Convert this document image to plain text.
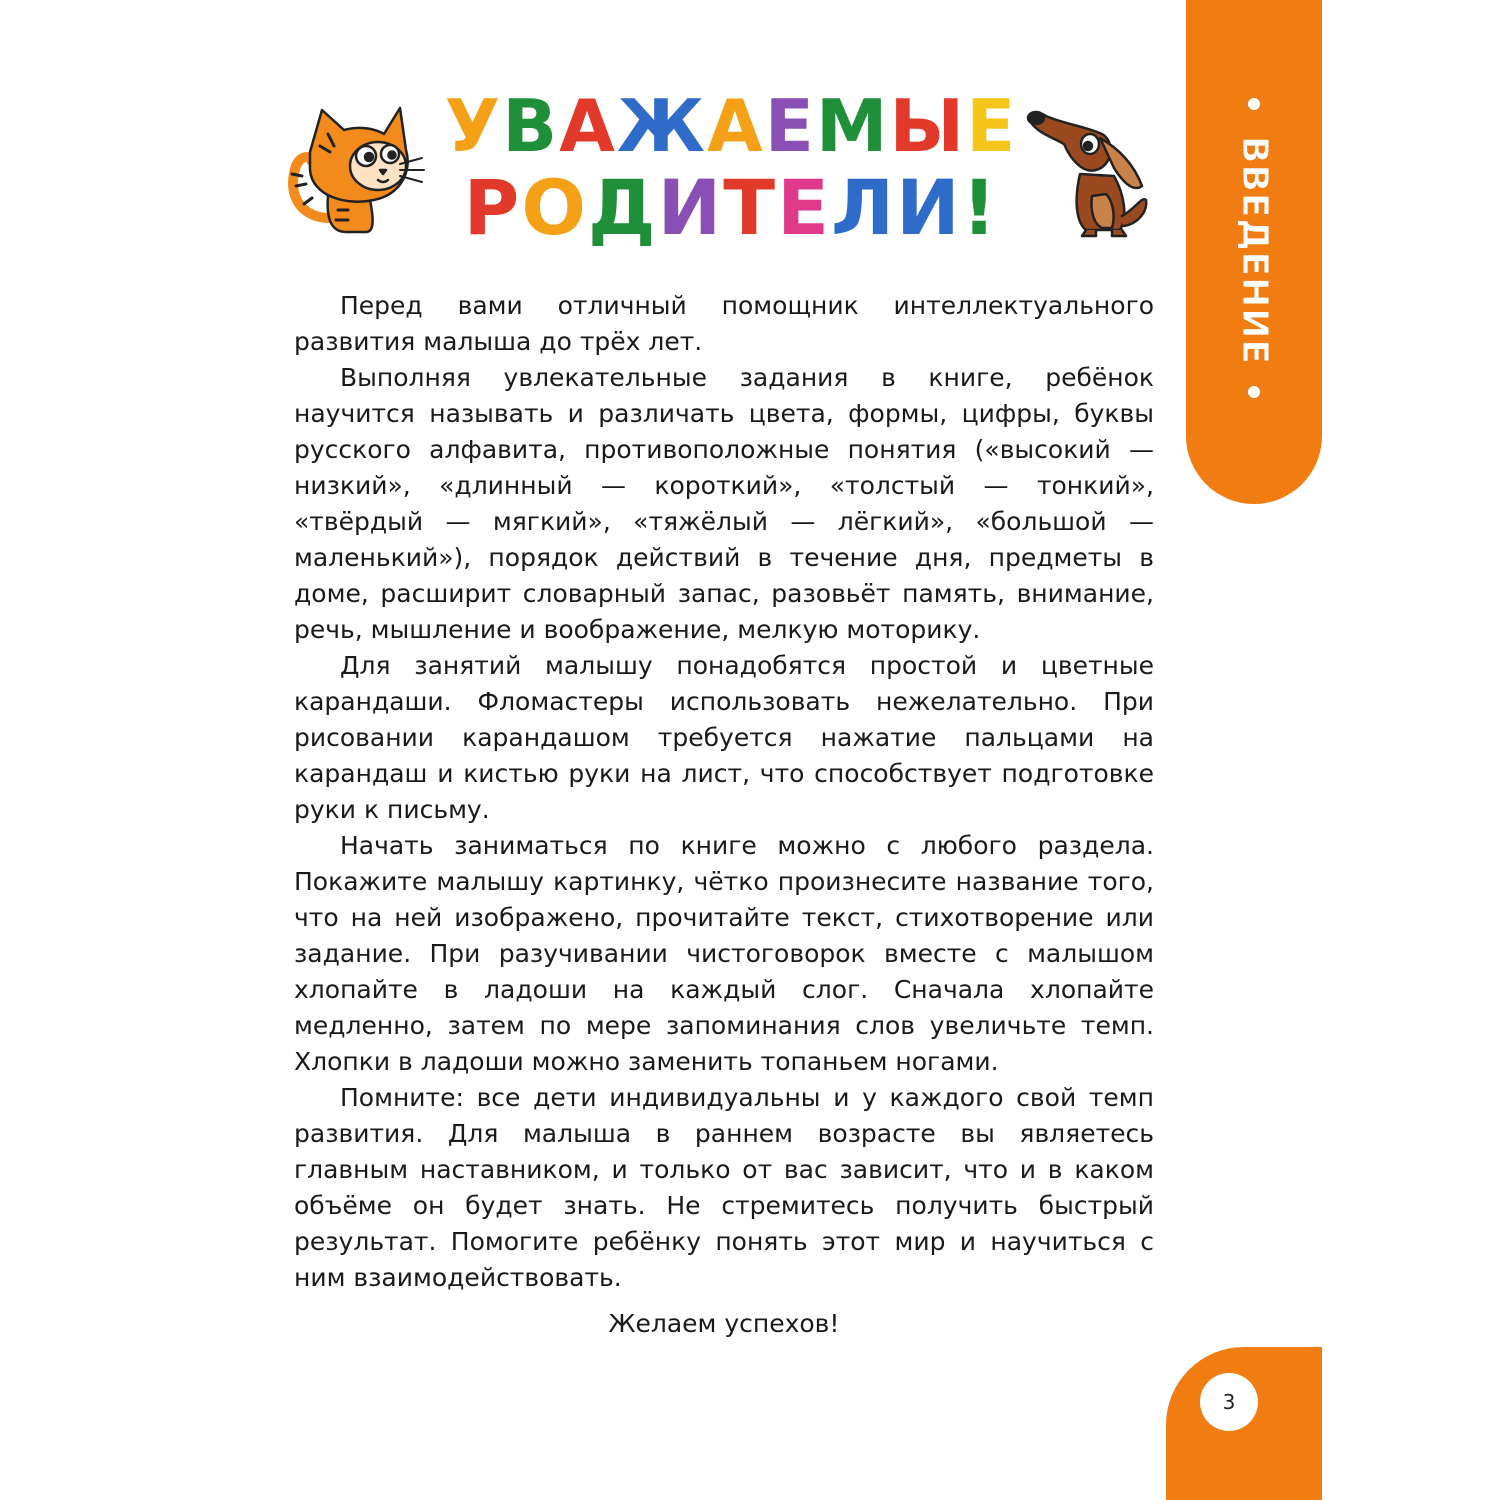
ВВЕДЕНИЕ
У В А Ж А Е М Ы Е
Р О Д И Т Е Л И !

Перед вами отличный помощник интеллектуального развития малыша до трёх лет.

Выполняя увлекательные задания в книге, ребёнок научится называть и различать цвета, формы, цифры, буквы русского алфавита, противоположные понятия («высокий — низкий», «длинный — короткий», «толстый — тонкий», «твёрдый — мягкий», «тяжёлый — лёгкий», «большой — маленький»), порядок действий в течение дня, предметы в доме, расширит словарный запас, разовьёт память, внимание, речь, мышление и воображение, мелкую моторику.

Для занятий малышу понадобятся простой и цветные карандаши. Фломастеры использовать нежелательно. При рисовании карандашом требуется нажатие пальцами на карандаш и кистью руки на лист, что способствует подготовке руки к письму.

Начать заниматься по книге можно с любого раздела. Покажите малышу картинку, чётко произнесите название того, что на ней изображено, прочитайте текст, стихотворение или задание. При разучивании чистоговорок вместе с малышом хлопайте в ладоши на каждый слог. Сначала хлопайте медленно, затем по мере запоминания слов увеличьте темп. Хлопки в ладоши можно заменить топаньем ногами.

Помните: все дети индивидуальны и у каждого свой темп развития. Для малыша в раннем возрасте вы являетесь главным наставником, и только от вас зависит, что и в каком объёме он будет знать. Не стремитесь получить быстрый результат. Помогите ребёнку понять этот мир и научиться с ним взаимодействовать.

Желаем успехов!
3
